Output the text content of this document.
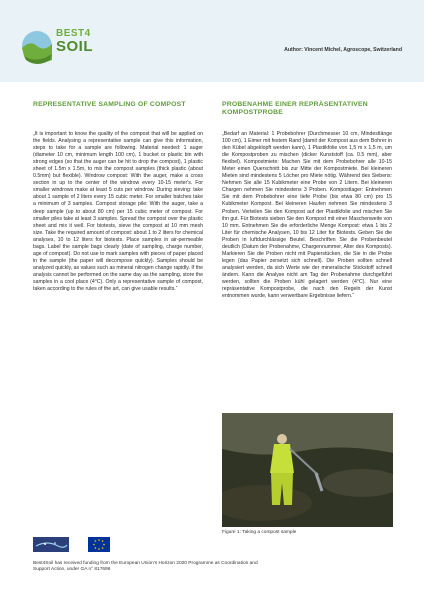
BEST4
SOIL	Author: Vincent Michel, Agroscope, Switzerland
REPRESENTATIVE SAMPLING OF COMPOST	PROBENAHME EINER REPRÄSENTATIVEN KOMPOSTPROBE
„It is important to know the quality of the compost that will be applied on the fields. Analysing a representative sample can give this information, steps to take for a sample are following. Material needed: 1 auger (diameter 10 cm, minimum length 100 cm), 1 bucket or plastic bin with strong edges (so that the auger can be hit to drop the compost), 1 plastic sheet of 1.5m x 1.5m, to mix the compost samples (thick plastic (about 0.5mm) but flexible). Windrow compost: With the auger, make a cross section in up to the center of the windrow every 10-15 meter's. For smaller windrows make at least 5 cuts per windrow. During sieving: take about 1 sample of 2 liters every 15 cubic meter. For smaller batches take a minimum of 3 samples. Compost storage pile: With the auger, take a deep sample (up to about 80 cm) per 15 cubic meter of compost. For smaller piles take at least 3 samples. Spread the compost over the plastic sheet and mix it well. For biotests, sieve the compost at 10 mm mesh size. Take the required amount of compost: about 1 to 2 liters for chemical analyses, 10 to 12 liters for biotests. Place samples in air-permeable bags. Label the sample bags clearly (date of sampling, charge number, age of compost). Do not use to mark samples with pieces of paper placed in the sample (the paper will decompose quickly). Samples should be analyzed quickly, as values such as mineral nitrogen change rapidly. If the analysis cannot be performed on the same day as the sampling, store the samples in a cool place (4°C). Only a representative sample of compost, taken according to the rules of the art, can give usable results.“
„Bedarf an Material: 1 Probebohrer (Durchmesser 10 cm, Mindestlänge 100 cm), 1 Eimer mit festem Rand (damit der Kompost aus dem Bohrer in den Kübel abgeklopft werden kann), 1 Plastikfolie von 1,5 m x 1,5 m, um die Kompostproben zu mischen (dicker Kunststoff (ca. 0.5 mm), aber flexibel). Kompostmiete: Machen Sie mit dem Probebohrer alle 10-15 Meter einen Querschnitt bis zur Mitte der Kompostmiete. Bei kleineren Mieten sind mindestens 5 Löcher pro Miete nötig. Während des Siebens: Nehmen Sie alle 15 Kubikmeter eine Probe von 2 Litern. Bei kleineren Chargen nehmen Sie mindestens 3 Proben. Kompostlager: Entnehmen Sie mit dem Probebohrer eine tiefe Probe (bis etwa 80 cm) pro 15 Kubikmeter Kompost. Bei kleineren Haufen nehmen Sie mindestens 3 Proben. Verteilen Sie den Kompost auf der Plastikfolie und mischen Sie ihn gut. Für Biotests sieben Sie den Kompost mit einer Maschenweite von 10 mm. Entnehmen Sie die erforderliche Menge Kompost: etwa 1 bis 2 Liter für chemische Analysen, 10 bis 12 Liter für Biotests. Geben Sie die Proben in luftdurchlässige Beutel. Beschriften Sie die Probenbeutel deutlich (Datum der Probenahme, Chargennummer, Alter des Komposts). Markieren Sie die Proben nicht mit Papierstücken, die Sie in die Probe legen (das Papier zersetzt sich schnell). Die Proben sollten schnell analysiert werden, da sich Werte wie der mineralische Stickstoff schnell ändern. Kann die Analyse nicht am Tag der Probenahme durchgeführt werden, sollten die Proben kühl gelagert werden (4°C). Nur eine repräsentative Kompostprobe, die nach den Regeln der Kunst entnommen wurde, kann verwertbare Ergebnisse liefern.“
Figure 1: Taking a compost sample
Best4Soil has received funding from the European Union's Horizon 2020 Programme as Coordination and Support Action, under GA n° 817696
